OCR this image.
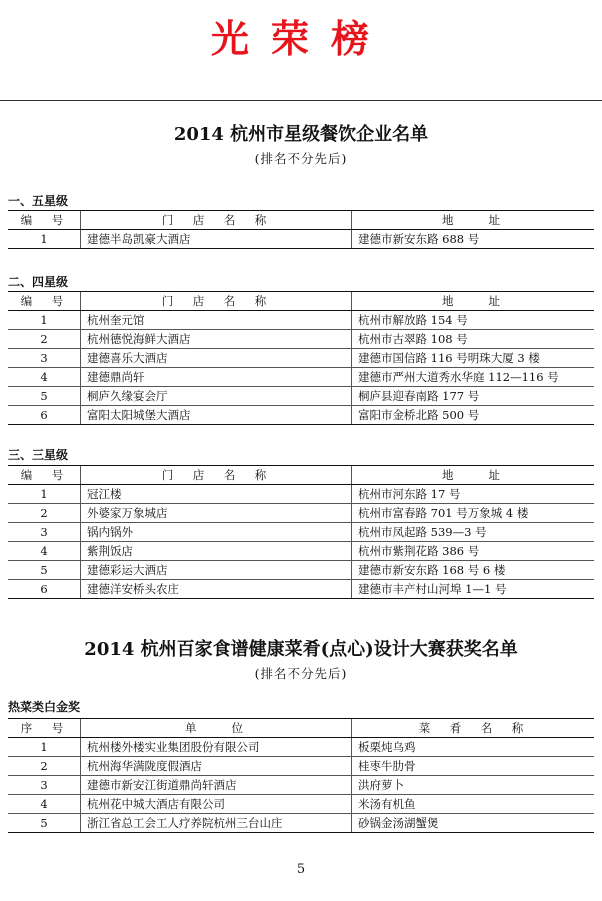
光荣榜
2014 杭州市星级餐饮企业名单
(排名不分先后)
一、五星级
编　号	门　店　名　称	地　　址
1	建德半岛凯豪大酒店	建德市新安东路 688 号
二、四星级
编　号	门　店　名　称	地　　址
1	杭州奎元馆	杭州市解放路 154 号
2	杭州德悦海鲜大酒店	杭州市古翠路 108 号
3	建德喜乐大酒店	建德市国信路 116 号明珠大厦 3 楼
4	建德鼎尚轩	建德市严州大道秀水华庭 112—116 号
5	桐庐久缘宴会厅	桐庐县迎春南路 177 号
6	富阳太阳城堡大酒店	富阳市金桥北路 500 号
三、三星级
编　号	门　店　名　称	地　　址
1	冠江楼	杭州市河东路 17 号
2	外婆家万象城店	杭州市富春路 701 号万象城 4 楼
3	锅内锅外	杭州市凤起路 539—3 号
4	紫荆饭店	杭州市紫荆花路 386 号
5	建德彩运大酒店	建德市新安东路 168 号 6 楼
6	建德洋安桥头农庄	建德市丰产村山河埠 1—1 号
2014 杭州百家食谱健康菜肴(点心)设计大赛获奖名单
(排名不分先后)
热菜类白金奖
序　号	单　　位	菜　肴　名　称
1	杭州楼外楼实业集团股份有限公司	板栗炖乌鸡
2	杭州海华满陇度假酒店	桂枣牛肋骨
3	建德市新安江街道鼎尚轩酒店	洪府萝卜
4	杭州花中城大酒店有限公司	米汤有机鱼
5	浙江省总工会工人疗养院杭州三台山庄	砂锅金汤湖蟹煲
5
